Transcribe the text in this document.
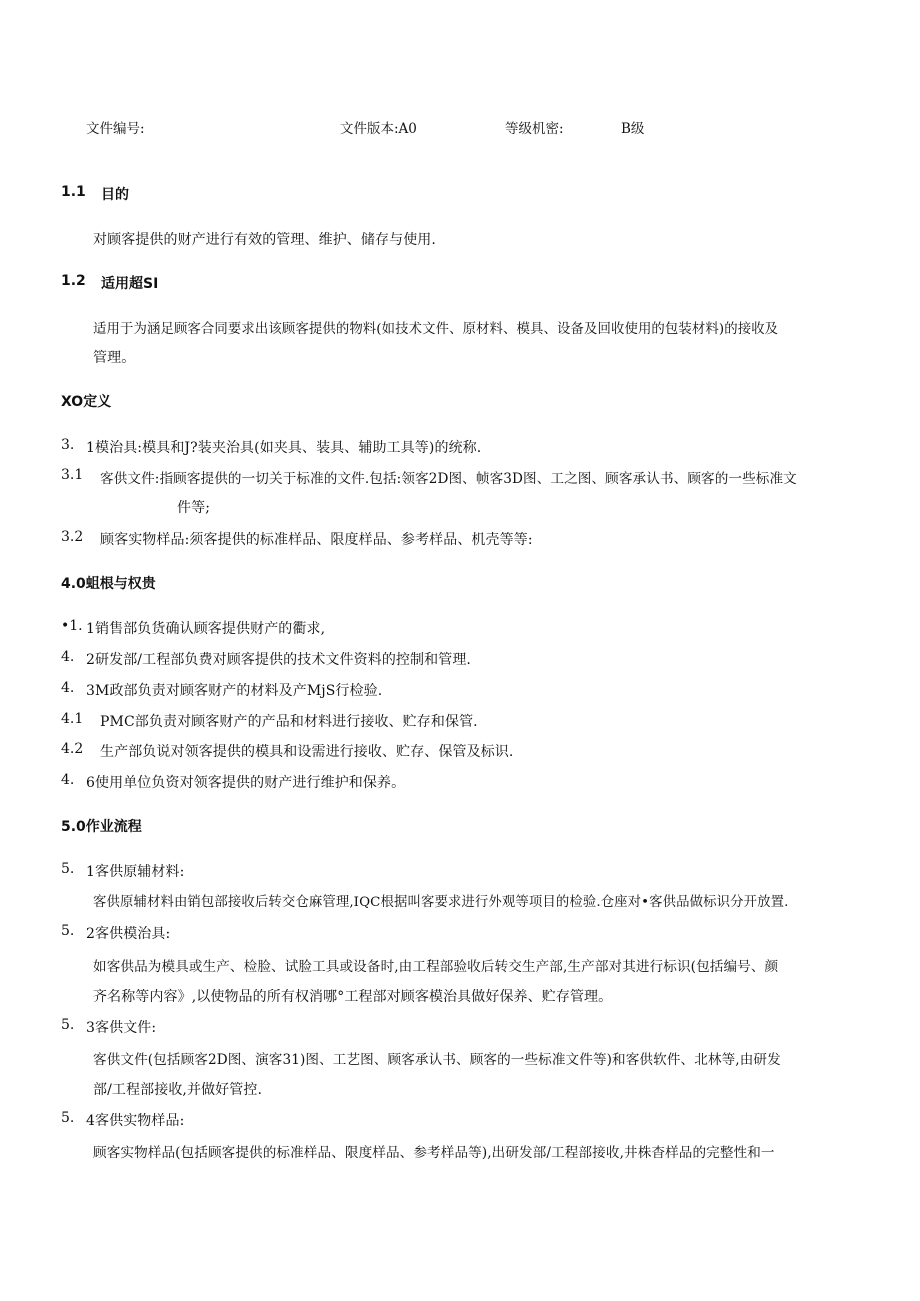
文件编号:	文件版本:A0	等级机密:	B级
1.1 目的
对顾客提供的财产进行有效的管理、维护、储存与使用.
1.2 适用超SI
适用于为涵足顾客合同要求出该顾客提供的物料(如技术文件、原材料、模具、设备及回收使用的包装材料)的接收及
管理。
XO定义
3. 1模治具:模具和J?装夹治具(如夹具、装具、辅助工具等)的统称.
3.1 客供文件:指顾客提供的一切关于标准的文件.包括:领客2D图、帧客3D图、工之图、顾客承认书、顾客的一些标准文
件等;
3.2 顾客实物样品:须客提供的标准样品、限度样品、参考样品、机壳等等:
4.0蛆根与权贵
•1. 1销售部负货确认顾客提供财产的衢求,
4. 2研发部/工程部负费对顾客提供的技术文件资料的控制和管理.
4. 3M政部负责对顾客财产的材料及产MjS行检验.
4.1 PMC部负责对顾客财产的产品和材料进行接收、贮存和保管.
4.2 生产部负说对领客提供的模具和设需进行接收、贮存、保管及标识.
4. 6使用单位负资对领客提供的财产进行维护和保养。
5.0作业流程
5. 1客供原辅材料:
客供原辅材料由销包部接收后转交仓麻管理,IQC根据叫客要求进行外观等项目的检验.仓座对•客供品做标识分开放置.
5. 2客供模治具:
如客供品为模具或生产、检脸、试脸工具或设备时,由工程部验收后转交生产部,生产部对其进行标识(包括编号、颜
齐名称等内容》,以使物品的所有权消哪°工程部对顾客模治具做好保养、贮存管理。
5. 3客供文件:
客供文件(包括顾客2D图、演客31)图、工艺图、顾客承认书、顾客的一些标准文件等)和客供软件、北林等,由研发
部/工程部接收,并做好管控.
5. 4客供实物样品:
顾客实物样品(包括顾客提供的标准样品、限度样品、参考样品等),出研发部/工程部接收,井株杳样品的完整性和一
